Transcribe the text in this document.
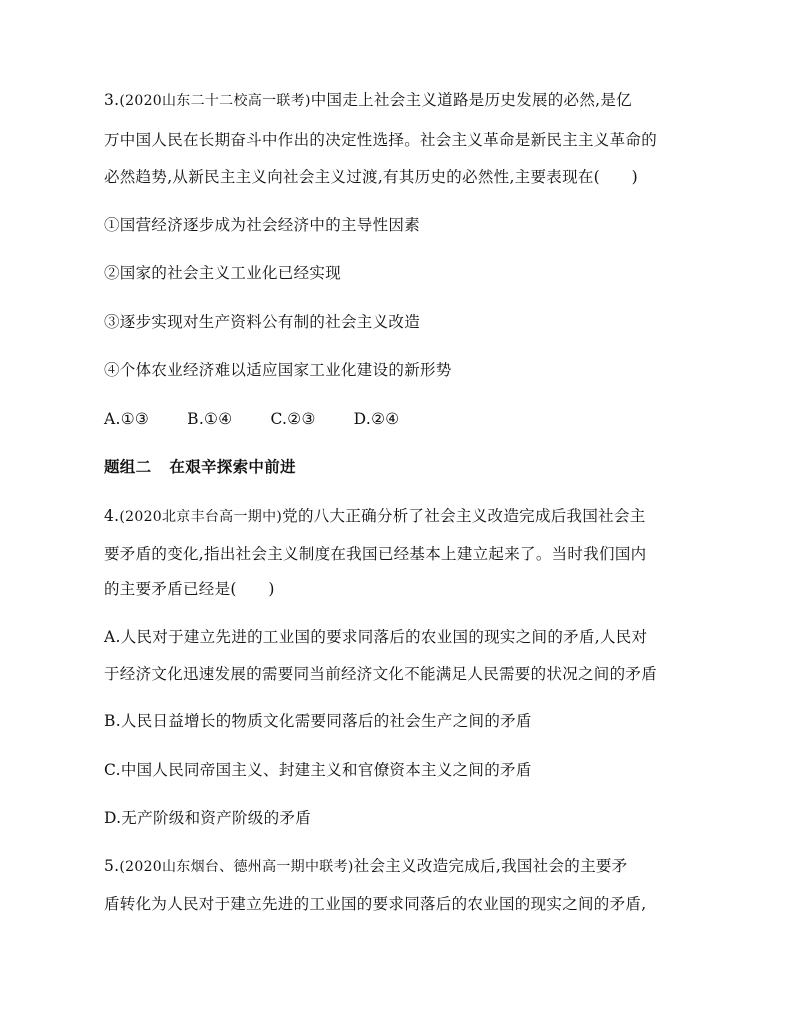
3.(2020山东二十二校高一联考)中国走上社会主义道路是历史发展的必然,是亿
万中国人民在长期奋斗中作出的决定性选择。社会主义革命是新民主主义革命的
必然趋势,从新民主主义向社会主义过渡,有其历史的必然性,主要表现在(　　)
①国营经济逐步成为社会经济中的主导性因素
②国家的社会主义工业化已经实现
③逐步实现对生产资料公有制的社会主义改造
④个体农业经济难以适应国家工业化建设的新形势
A.①③ B.①④ C.②③ D.②④
题组二 在艰辛探索中前进
4.(2020北京丰台高一期中)党的八大正确分析了社会主义改造完成后我国社会主
要矛盾的变化,指出社会主义制度在我国已经基本上建立起来了。当时我们国内
的主要矛盾已经是(　　)
A.人民对于建立先进的工业国的要求同落后的农业国的现实之间的矛盾,人民对
于经济文化迅速发展的需要同当前经济文化不能满足人民需要的状况之间的矛盾
B.人民日益增长的物质文化需要同落后的社会生产之间的矛盾
C.中国人民同帝国主义、封建主义和官僚资本主义之间的矛盾
D.无产阶级和资产阶级的矛盾
5.(2020山东烟台、德州高一期中联考)社会主义改造完成后,我国社会的主要矛
盾转化为人民对于建立先进的工业国的要求同落后的农业国的现实之间的矛盾,
